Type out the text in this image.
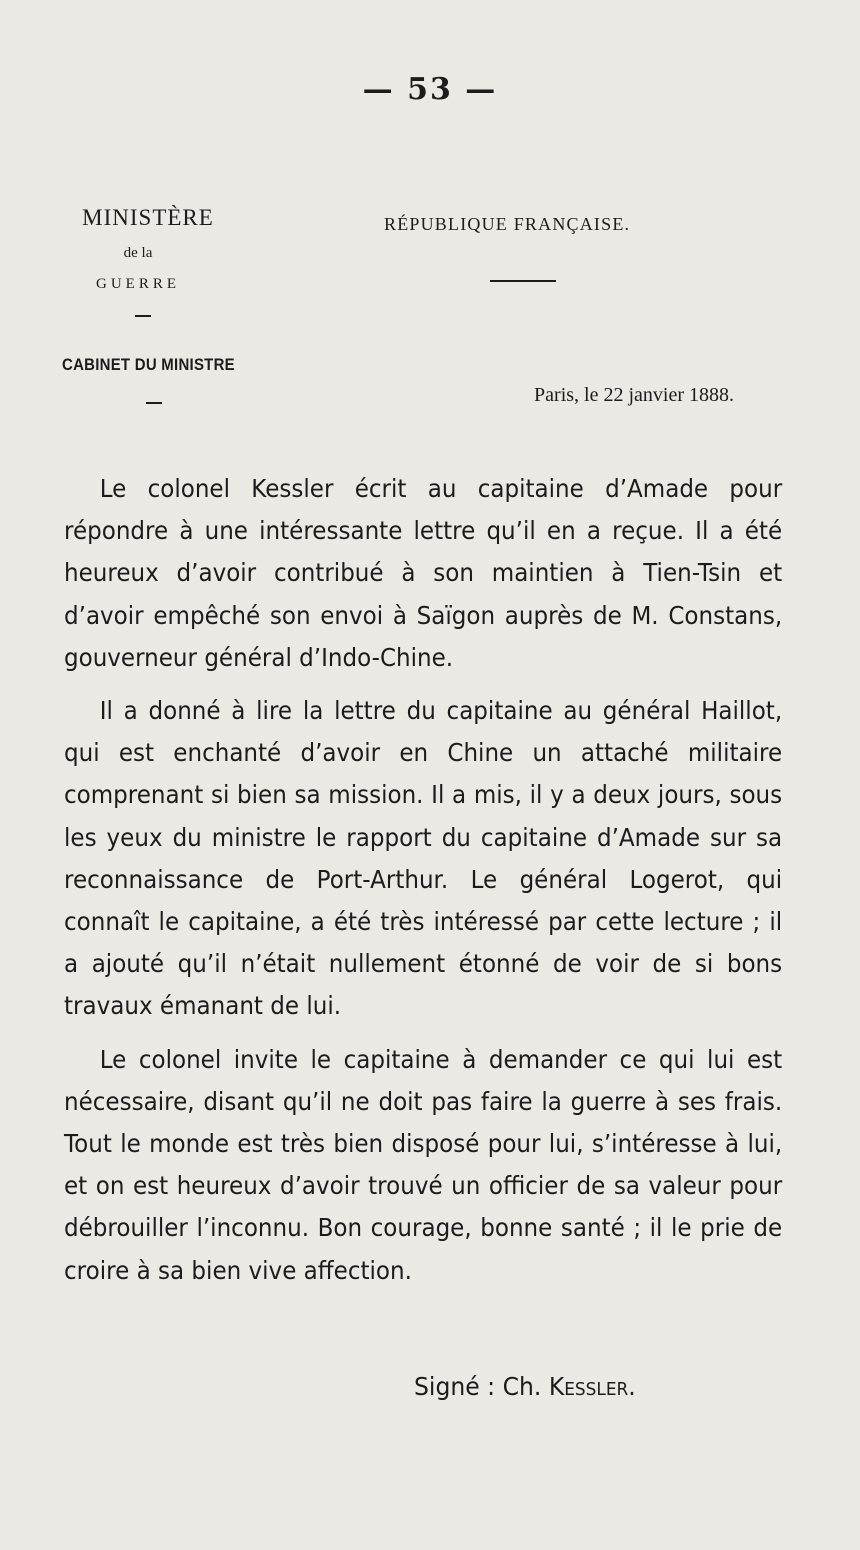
— 53 —
MINISTÈRE
de la
GUERRE
CABINET DU MINISTRE
RÉPUBLIQUE FRANÇAISE.
Paris, le 22 janvier 1888.

Le colonel Kessler écrit au capitaine d’Amade pour répondre à une intéressante lettre qu’il en a reçue. Il a été heureux d’avoir contribué à son maintien à Tien-Tsin et d’avoir empêché son envoi à Saïgon auprès de M. Constans, gouverneur général d’Indo-Chine.

Il a donné à lire la lettre du capitaine au général Haillot, qui est enchanté d’avoir en Chine un attaché militaire comprenant si bien sa mission. Il a mis, il y a deux jours, sous les yeux du ministre le rapport du capitaine d’Amade sur sa reconnaissance de Port-Arthur. Le général Logerot, qui connaît le capitaine, a été très intéressé par cette lecture ; il a ajouté qu’il n’était nullement étonné de voir de si bons travaux émanant de lui.

Le colonel invite le capitaine à demander ce qui lui est nécessaire, disant qu’il ne doit pas faire la guerre à ses frais. Tout le monde est très bien disposé pour lui, s’intéresse à lui, et on est heureux d’avoir trouvé un officier de sa valeur pour débrouiller l’inconnu. Bon courage, bonne santé ; il le prie de croire à sa bien vive affection.

Signé : Ch. Kessler.
